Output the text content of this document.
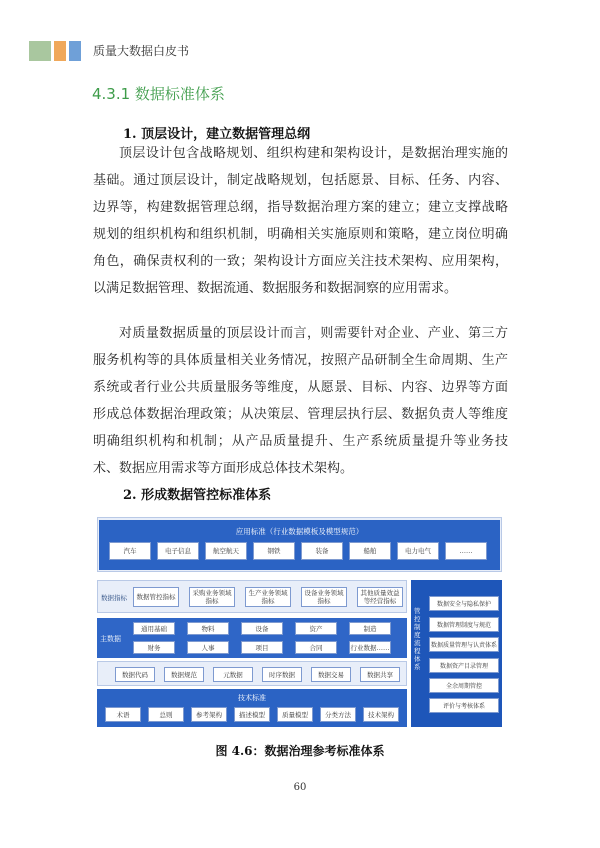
质量大数据白皮书
4.3.1 数据标准体系
1. 顶层设计，建立数据管理总纲

顶层设计包含战略规划、组织构建和架构设计，是数据治理实施的基础。通过顶层设计，制定战略规划，包括愿景、目标、任务、内容、边界等，构建数据管理总纲，指导数据治理方案的建立；建立支撑战略规划的组织机构和组织机制，明确相关实施原则和策略，建立岗位明确角色，确保责权利的一致；架构设计方面应关注技术架构、应用架构，以满足数据管理、数据流通、数据服务和数据洞察的应用需求。

对质量数据质量的顶层设计而言，则需要针对企业、产业、第三方服务机构等的具体质量相关业务情况，按照产品研制全生命周期、生产系统或者行业公共质量服务等维度，从愿景、目标、内容、边界等方面形成总体数据治理政策；从决策层、管理层执行层、数据负责人等维度明确组织机构和机制；从产品质量提升、生产系统质量提升等业务技术、数据应用需求等方面形成总体技术架构。

2. 形成数据管控标准体系
应用标准（行业数据模板及模型规范）
汽车	电子信息	航空航天	钢铁	装备	船舶	电力电气	……
数据指标	数据管控指标	采购业务领域指标
生产业务领域指标
设备业务领域指标
其他质量效益等经营指标
主数据
通用基础	物料	设备	资产	制造
财务	人事	项目	合同	行业数据……
数据代码	数据规范	元数据	时序数据	数据交易	数据共享
技术标准
术语	总则	参考架构	描述模型	质量模型	分类方法	技术架构
管控制度流程体系
数据安全与隐私保护
数据管理制度与规范
数据质量管理与认责体系
数据资产目录管理
全余周期管控
评价与考核体系
图 4.6：数据治理参考标准体系
60
